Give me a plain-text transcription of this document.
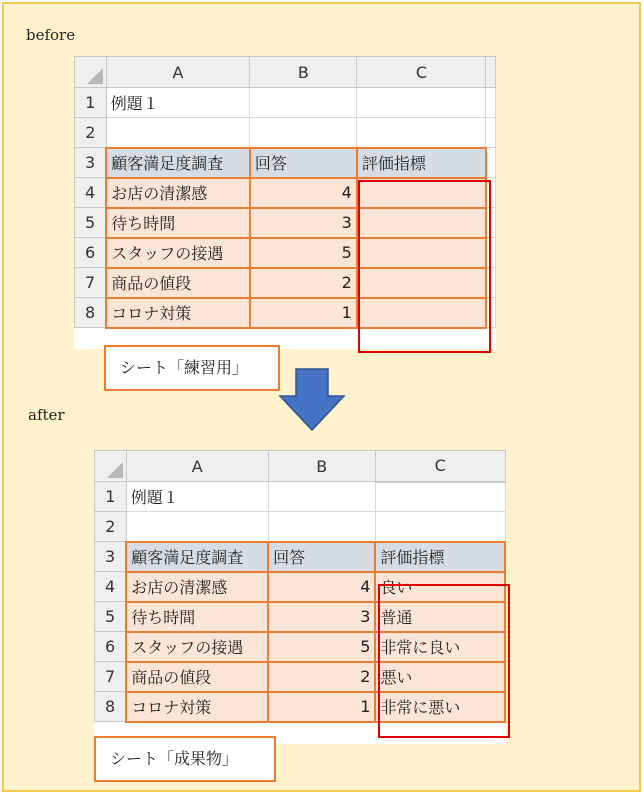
before
	A	B	C	
1	例題１			
2				
3	顧客満足度調査	回答	評価指標	
4	お店の清潔感	4		
5	待ち時間	3		
6	スタッフの接遇	5		
7	商品の値段	2		
8	コロナ対策	1		
シート「練習用」
after
	A	B	C
1	例題１		
2			
3	顧客満足度調査	回答	評価指標
4	お店の清潔感	4	良い
5	待ち時間	3	普通
6	スタッフの接遇	5	非常に良い
7	商品の値段	2	悪い
8	コロナ対策	1	非常に悪い
シート「成果物」
